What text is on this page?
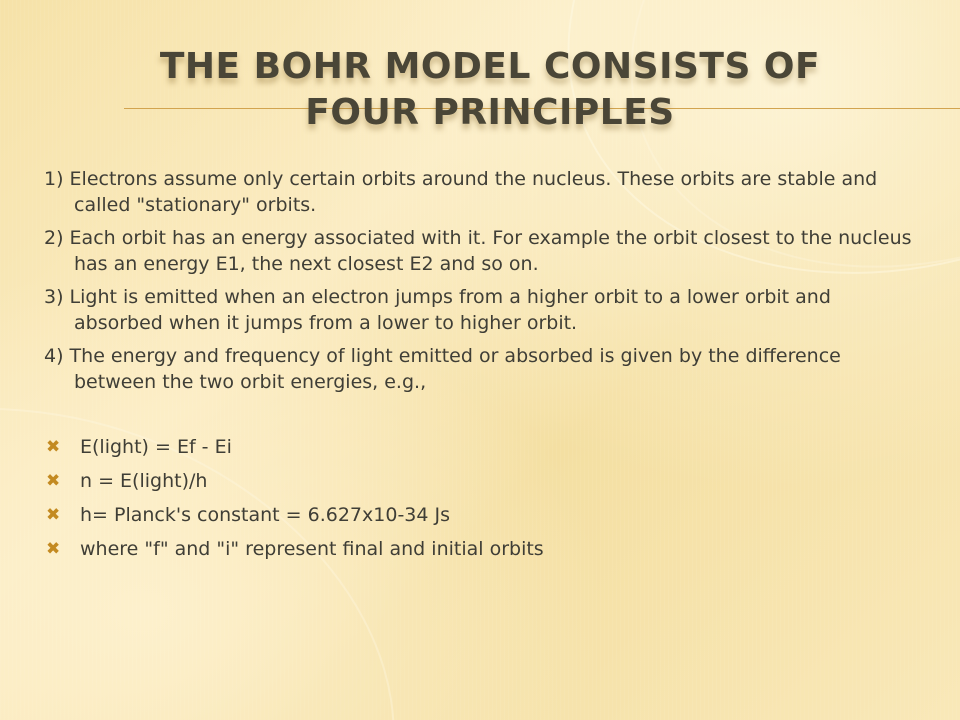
THE BOHR MODEL CONSISTS OF FOUR PRINCIPLES

1) Electrons assume only certain orbits around the nucleus. These orbits are stable and called "stationary" orbits.

2) Each orbit has an energy associated with it. For example the orbit closest to the nucleus has an energy E1, the next closest E2 and so on.

3) Light is emitted when an electron jumps from a higher orbit to a lower orbit and absorbed when it jumps from a lower to higher orbit.

4) The energy and frequency of light emitted or absorbed is given by the difference between the two orbit energies, e.g.,

✖ E(light) = Ef - Ei
✖ n = E(light)/h
✖ h= Planck's constant = 6.627x10-34 Js
✖ where "f" and "i" represent final and initial orbits
